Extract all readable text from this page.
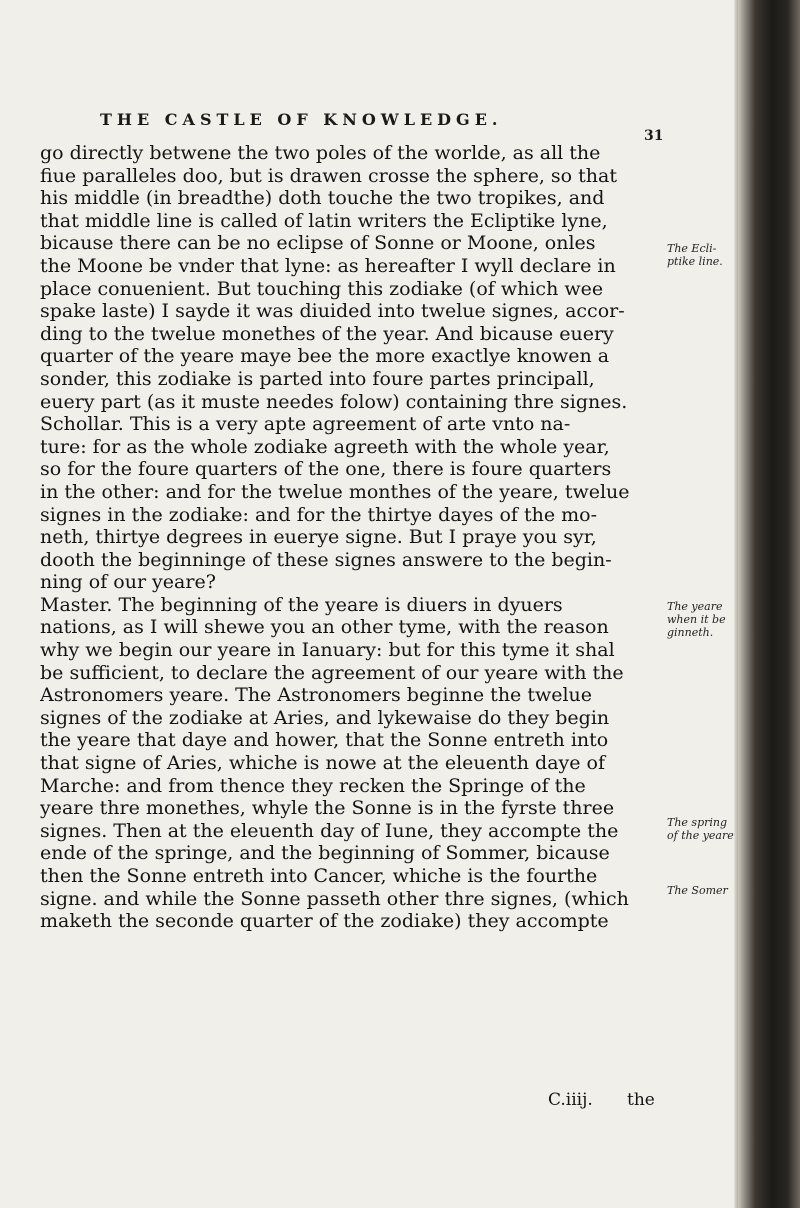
THE CASTLE OF KNOWLEDGE.
31
go directly betwene the two poles of the worlde, as all the
fiue paralleles doo, but is drawen crosse the sphere, so that
his middle (in breadthe) doth touche the two tropikes, and
that middle line is called of latin writers the Ecliptike lyne,
bicause there can be no eclipse of Sonne or Moone, onles
the Moone be vnder that lyne: as hereafter I wyll declare in
place conuenient. But touching this zodiake (of which wee
spake laste) I sayde it was diuided into twelue signes, accor-
ding to the twelue monethes of the year. And bicause euery
quarter of the yeare maye bee the more exactlye knowen a
sonder, this zodiake is parted into foure partes principall,
euery part (as it muste needes folow) containing thre signes.
Schollar. This is a very apte agreement of arte vnto na-
ture: for as the whole zodiake agreeth with the whole year,
so for the foure quarters of the one, there is foure quarters
in the other: and for the twelue monthes of the yeare, twelue
signes in the zodiake: and for the thirtye dayes of the mo-
neth, thirtye degrees in euerye signe. But I praye you syr,
dooth the beginninge of these signes answere to the begin-
ning of our yeare?
Master. The beginning of the yeare is diuers in dyuers
nations, as I will shewe you an other tyme, with the reason
why we begin our yeare in Ianuary: but for this tyme it shal
be sufficient, to declare the agreement of our yeare with the
Astronomers yeare. The Astronomers beginne the twelue
signes of the zodiake at Aries, and lykewaise do they begin
the yeare that daye and hower, that the Sonne entreth into
that signe of Aries, whiche is nowe at the eleuenth daye of
Marche: and from thence they recken the Springe of the
yeare thre monethes, whyle the Sonne is in the fyrste three
signes. Then at the eleuenth day of Iune, they accompte the
ende of the springe, and the beginning of Sommer, bicause
then the Sonne entreth into Cancer, whiche is the fourthe
signe. and while the Sonne passeth other thre signes, (which
maketh the seconde quarter of the zodiake) they accompte
C.iiij. the
The Ecli-ptike line.
The yeare when it be ginneth.
The spring of the yeare
The Somer
